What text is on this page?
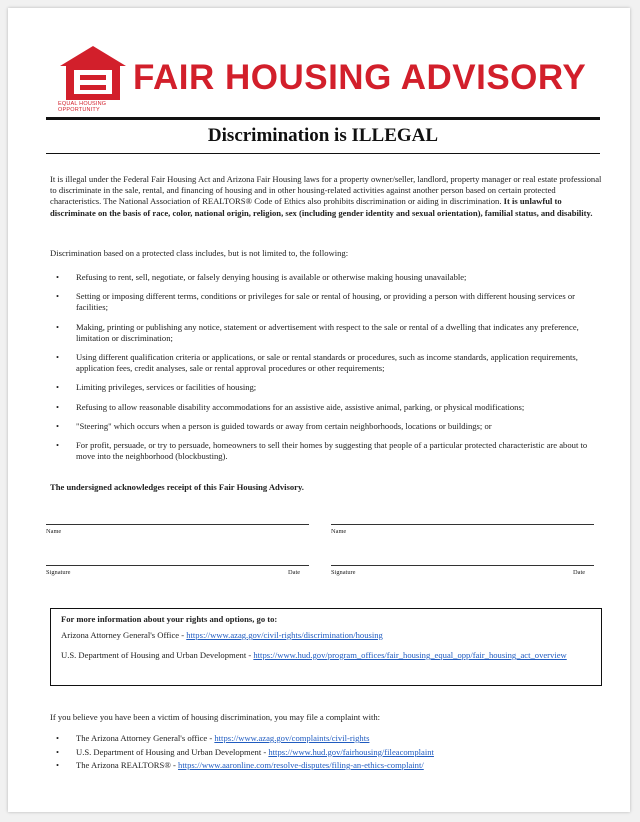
EQUAL HOUSING OPPORTUNITY
FAIR HOUSING ADVISORY
Discrimination is ILLEGAL
It is illegal under the Federal Fair Housing Act and Arizona Fair Housing laws for a property owner/seller, landlord, property manager or real estate professional to discriminate in the sale, rental, and financing of housing and in other housing-related activities against another person based on certain protected characteristics. The National Association of REALTORS® Code of Ethics also prohibits discrimination or aiding in discrimination. It is unlawful to discriminate on the basis of race, color, national origin, religion, sex (including gender identity and sexual orientation), familial status, and disability.
Discrimination based on a protected class includes, but is not limited to, the following:
• Refusing to rent, sell, negotiate, or falsely denying housing is available or otherwise making housing unavailable;
• Setting or imposing different terms, conditions or privileges for sale or rental of housing, or providing a person with different housing services or facilities;
• Making, printing or publishing any notice, statement or advertisement with respect to the sale or rental of a dwelling that indicates any preference, limitation or discrimination;
• Using different qualification criteria or applications, or sale or rental standards or procedures, such as income standards, application requirements, application fees, credit analyses, sale or rental approval procedures or other requirements;
• Limiting privileges, services or facilities of housing;
• Refusing to allow reasonable disability accommodations for an assistive aide, assistive animal, parking, or physical modifications;
• "Steering" which occurs when a person is guided towards or away from certain neighborhoods, locations or buildings; or
• For profit, persuade, or try to persuade, homeowners to sell their homes by suggesting that people of a particular protected characteristic are about to move into the neighborhood (blockbusting).
The undersigned acknowledges receipt of this Fair Housing Advisory.
Name	Name
Signature	Date	Signature	Date
For more information about your rights and options, go to:
Arizona Attorney General's Office - https://www.azag.gov/civil-rights/discrimination/housing
U.S. Department of Housing and Urban Development - https://www.hud.gov/program_offices/fair_housing_equal_opp/fair_housing_act_overview
If you believe you have been a victim of housing discrimination, you may file a complaint with:
• The Arizona Attorney General's office - https://www.azag.gov/complaints/civil-rights
• U.S. Department of Housing and Urban Development - https://www.hud.gov/fairhousing/fileacomplaint
• The Arizona REALTORS® - https://www.aaronline.com/resolve-disputes/filing-an-ethics-complaint/
